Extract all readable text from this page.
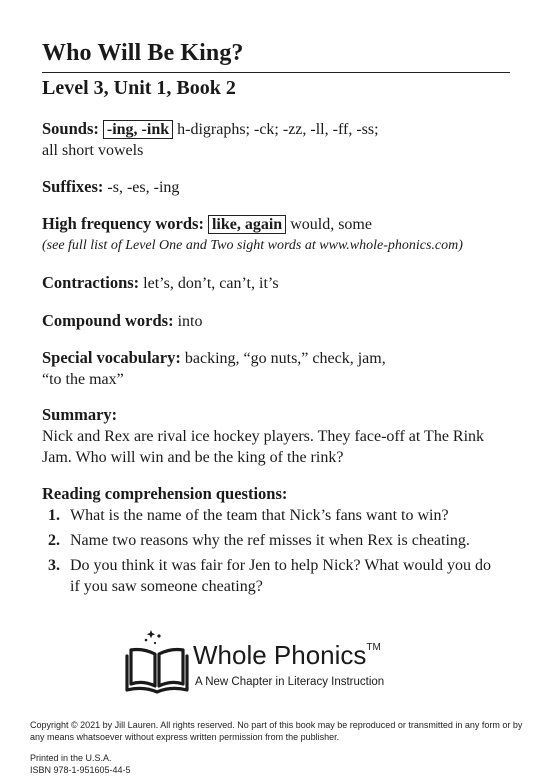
Who Will Be King?
Level 3, Unit 1, Book 2
Sounds: -ing, -ink h-digraphs; -ck; -zz, -ll, -ff, -ss;
all short vowels
Suffixes: -s, -es, -ing
High frequency words: like, again would, some
(see full list of Level One and Two sight words at www.whole-phonics.com)
Contractions: let’s, don’t, can’t, it’s
Compound words: into
Special vocabulary: backing, “go nuts,” check, jam,
“to the max”
Summary:
Nick and Rex are rival ice hockey players. They face-off at The Rink Jam. Who will win and be the king of the rink?
Reading comprehension questions:
1. What is the name of the team that Nick’s fans want to win?
2. Name two reasons why the ref misses it when Rex is cheating.
3. Do you think it was fair for Jen to help Nick? What would you do if you saw someone cheating?
Whole Phonics™
A New Chapter in Literacy Instruction
Copyright © 2021 by Jill Lauren. All rights reserved. No part of this book may be reproduced or transmitted in any form or by any means whatsoever without express written permission from the publisher.
Printed in the U.S.A.
ISBN 978-1-951605-44-5
